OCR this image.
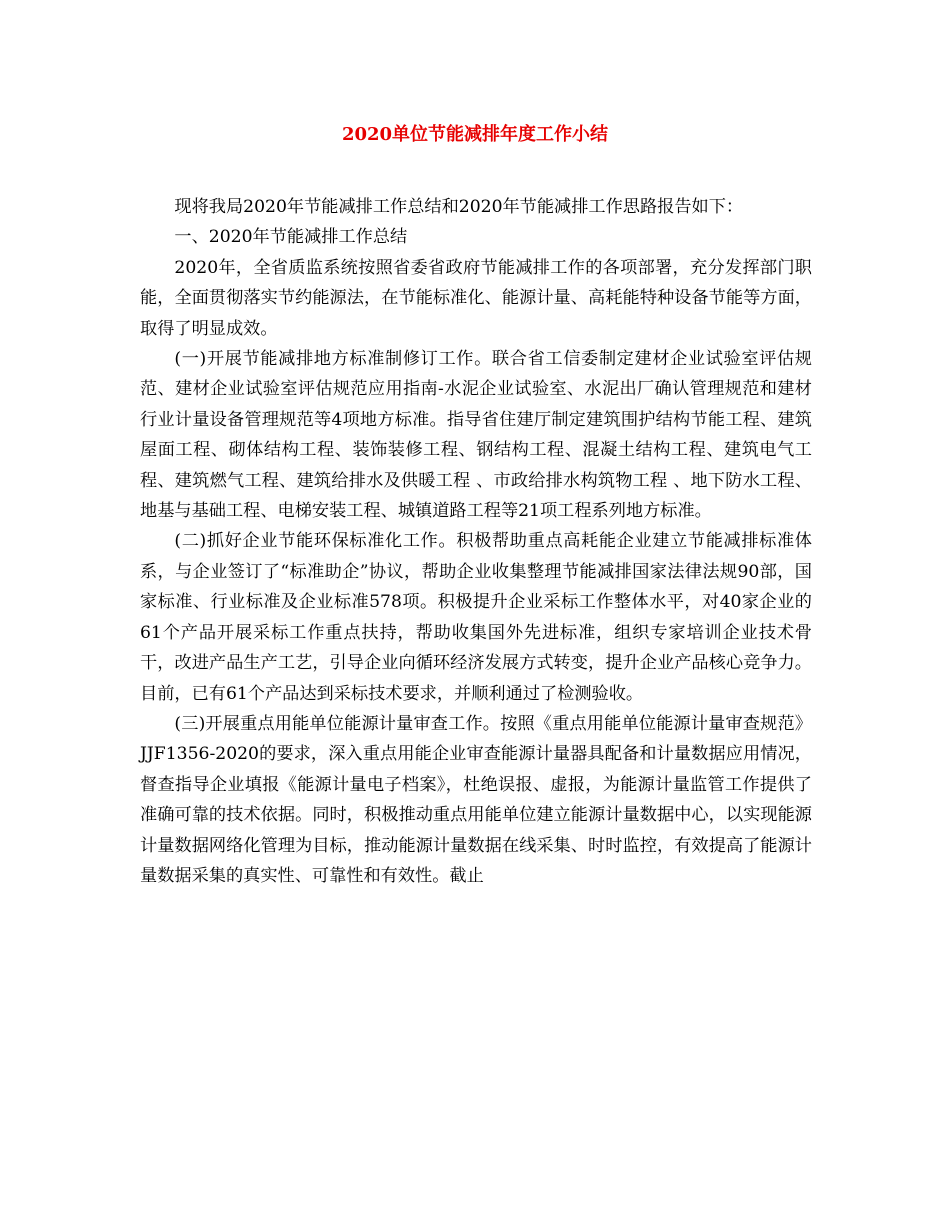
2020单位节能减排年度工作小结

现将我局2020年节能减排工作总结和2020年节能减排工作思路报告如下：

一、2020年节能减排工作总结

2020年，全省质监系统按照省委省政府节能减排工作的各项部署，充分发挥部门职能，全面贯彻落实节约能源法，在节能标准化、能源计量、高耗能特种设备节能等方面，取得了明显成效。

(一)开展节能减排地方标准制修订工作。联合省工信委制定建材企业试验室评估规范、建材企业试验室评估规范应用指南-水泥企业试验室、水泥出厂确认管理规范和建材行业计量设备管理规范等4项地方标准。指导省住建厅制定建筑围护结构节能工程、建筑屋面工程、砌体结构工程、装饰装修工程、钢结构工程、混凝土结构工程、建筑电气工程、建筑燃气工程、建筑给排水及供暖工程 、市政给排水构筑物工程 、地下防水工程、地基与基础工程、电梯安装工程、城镇道路工程等21项工程系列地方标准。

(二)抓好企业节能环保标准化工作。积极帮助重点高耗能企业建立节能减排标准体系，与企业签订了“标准助企”协议，帮助企业收集整理节能减排国家法律法规90部，国家标准、行业标准及企业标准578项。积极提升企业采标工作整体水平，对40家企业的61个产品开展采标工作重点扶持，帮助收集国外先进标准，组织专家培训企业技术骨干，改进产品生产工艺，引导企业向循环经济发展方式转变，提升企业产品核心竞争力。目前，已有61个产品达到采标技术要求，并顺利通过了检测验收。

(三)开展重点用能单位能源计量审查工作。按照《重点用能单位能源计量审查规范》JJF1356-2020的要求，深入重点用能企业审查能源计量器具配备和计量数据应用情况，督查指导企业填报《能源计量电子档案》，杜绝误报、虚报，为能源计量监管工作提供了准确可靠的技术依据。同时，积极推动重点用能单位建立能源计量数据中心，以实现能源计量数据网络化管理为目标，推动能源计量数据在线采集、时时监控，有效提高了能源计量数据采集的真实性、可靠性和有效性。截止
